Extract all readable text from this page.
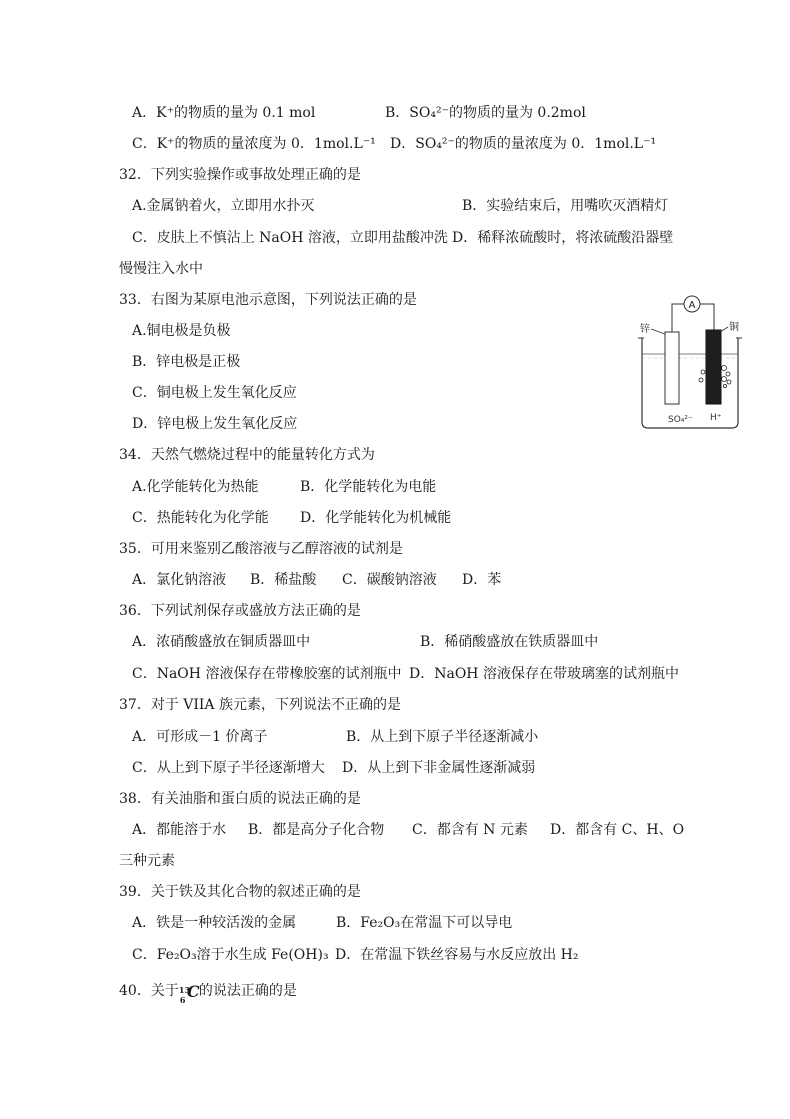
A．K⁺的物质的量为 0.1 mol	B．SO₄²⁻的物质的量为 0.2mol
C．K⁺的物质的量浓度为 0．1mol.L⁻¹ D．SO₄²⁻的物质的量浓度为 0．1mol.L⁻¹
32．下列实验操作或事故处理正确的是
A.金属钠着火，立即用水扑灭	B．实验结束后，用嘴吹灭酒精灯
C．皮肤上不慎沾上 NaOH 溶液，立即用盐酸冲洗 D．稀释浓硫酸时，将浓硫酸沿器壁
慢慢注入水中
33．右图为某原电池示意图，下列说法正确的是
A.铜电极是负极
B．锌电极是正极
C．铜电极上发生氧化反应
D．锌电极上发生氧化反应
A
锌	铜
SO₄²⁻ H⁺
34．天然气燃烧过程中的能量转化方式为
A.化学能转化为热能	B．化学能转化为电能
C．热能转化为化学能 D．化学能转化为机械能
35．可用来鉴别乙酸溶液与乙醇溶液的试剂是
A．氯化钠溶液 B．稀盐酸 C．碳酸钠溶液 D．苯
36．下列试剂保存或盛放方法正确的是
A．浓硝酸盛放在铜质器皿中	B．稀硝酸盛放在铁质器皿中
C．NaOH 溶液保存在带橡胶塞的试剂瓶中 D．NaOH 溶液保存在带玻璃塞的试剂瓶中
37．对于 VIIA 族元素，下列说法不正确的是
A．可形成－1 价离子	B．从上到下原子半径逐渐减小
C．从上到下原子半径逐渐增大 D．从上到下非金属性逐渐减弱
38．有关油脂和蛋白质的说法正确的是
A．都能溶于水 B．都是高分子化合物 C．都含有 N 元素 D．都含有 C、H、O
三种元素
39．关于铁及其化合物的叙述正确的是
A．铁是一种较活泼的金属	B．Fe₂O₃在常温下可以导电
C．Fe₂O₃溶于水生成 Fe(OH)₃ D．在常温下铁丝容易与水反应放出 H₂
40．关于 13
6 C 的说法正确的是
